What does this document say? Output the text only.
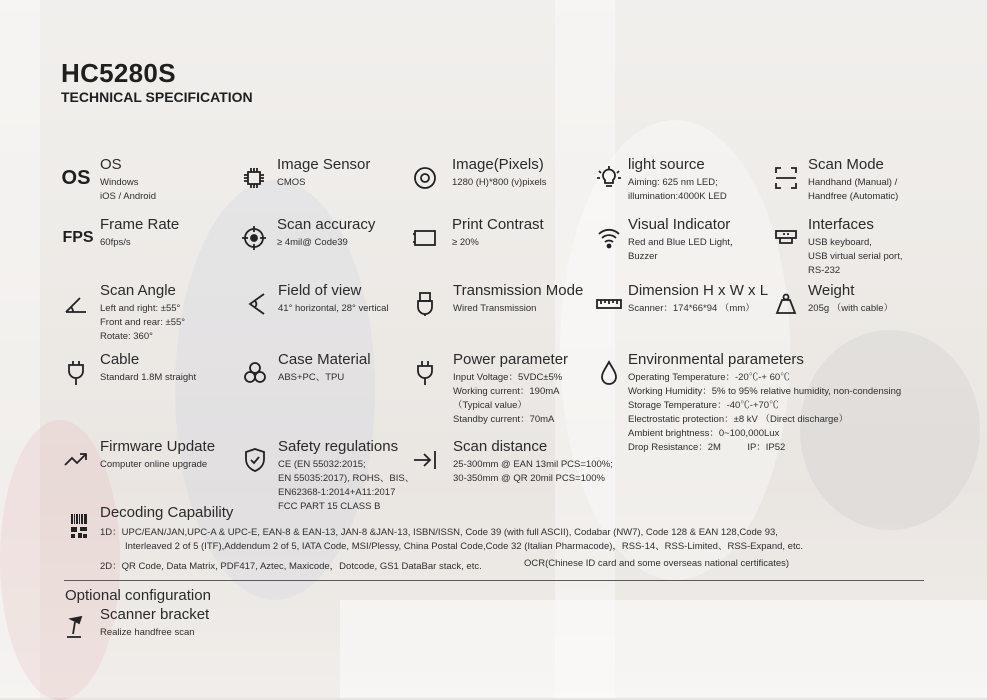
HC5280S
TECHNICAL SPECIFICATION
OS
OS
Windows
iOS / Android
Image Sensor
CMOS
Image(Pixels)
1280 (H)*800 (v)pixels
light source
Aiming: 625 nm LED;
illumination:4000K LED
Scan Mode
Handhand (Manual) /
Handfree (Automatic)
FPS
Frame Rate
60fps/s
Scan accuracy
≥ 4mil@ Code39
Print Contrast
≥ 20%
Visual Indicator
Red and Blue LED Light，
Buzzer
Interfaces
USB keyboard,
USB virtual serial port,
RS-232
Scan Angle
Left and right: ±55°
Front and rear: ±55°
Rotate: 360°
Field of view
41° horizontal, 28° vertical
Transmission Mode
Wired Transmission
Dimension H x W x L
Scanner：174*66*94 （mm）
Weight
205g （with cable）
Cable
Standard 1.8M straight
Case Material
ABS+PC、TPU
Power parameter
Input Voltage：5VDC±5%
Working current：190mA
（Typical value）
Standby current：70mA
Environmental parameters
Operating Temperature：-20℃-+ 60℃
Working Humidity：5% to 95% relative humidity, non-condensing
Storage Temperature：-40℃-+70℃
Electrostatic protection：±8 kV （Direct discharge）
Ambient brightness：0~100,000Lux
Drop Resistance：2M          IP：IP52
Firmware Update
Computer online upgrade
Safety regulations
CE (EN 55032:2015;
EN 55035:2017), ROHS、BIS、
EN62368-1:2014+A11:2017
FCC PART 15 CLASS B
Scan distance
25-300mm @ EAN 13mil PCS=100%;
30-350mm @ QR 20mil PCS=100%
Decoding Capability
1D：UPC/EAN/JAN,UPC-A & UPC-E, EAN-8 & EAN-13, JAN-8 &JAN-13, ISBN/ISSN, Code 39 (with full ASCII), Codabar (NW7), Code 128 & EAN 128,Code 93,
Interleaved 2 of 5 (ITF),Addendum 2 of 5, IATA Code, MSI/Plessy, China Postal Code,Code 32 (Italian Pharmacode)，RSS-14、RSS-Limited、RSS-Expand, etc.
2D：QR Code, Data Matrix, PDF417, Aztec, Maxicode，Dotcode, GS1 DataBar stack, etc.	OCR(Chinese ID card and some overseas national certificates)
Optional configuration
Scanner bracket
Realize handfree scan
